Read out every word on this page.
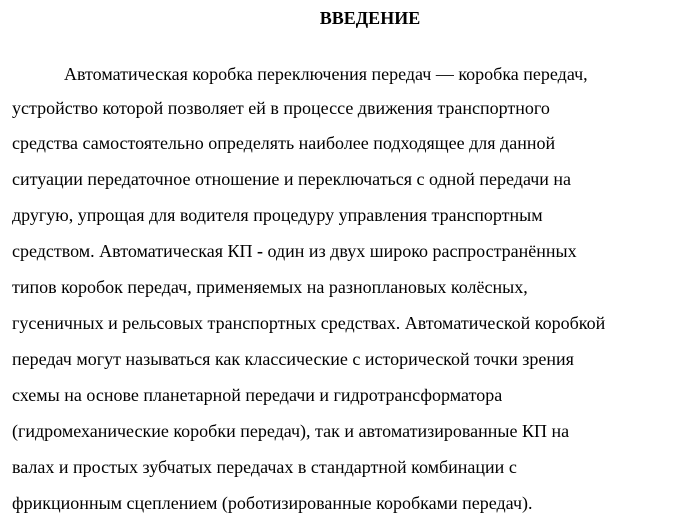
ВВЕДЕНИЕ

Автоматическая коробка переключения передач — коробка передач,

устройство которой позволяет ей в процессе движения транспортного

средства самостоятельно определять наиболее подходящее для данной

ситуации передаточное отношение и переключаться с одной передачи на

другую, упрощая для водителя процедуру управления транспортным

средством. Автоматическая КП - один из двух широко распространённых

типов коробок передач, применяемых на разноплановых колёсных,

гусеничных и рельсовых транспортных средствах. Автоматической коробкой

передач могут называться как классические с исторической точки зрения

схемы на основе планетарной передачи и гидротрансформатора

(гидромеханические коробки передач), так и автоматизированные КП на

валах и простых зубчатых передачах в стандартной комбинации с

фрикционным сцеплением (роботизированные коробками передач).
